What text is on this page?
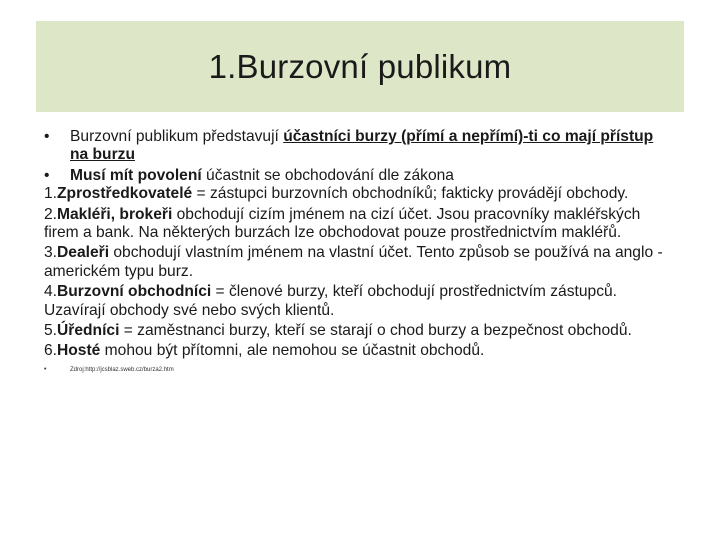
1.Burzovní publikum
• Burzovní publikum představují účastníci burzy (přímí a nepřímí)-ti co mají přístup na burzu
• Musí mít povolení účastnit se obchodování dle zákona

1.Zprostředkovatelé = zástupci burzovních obchodníků; fakticky provádějí obchody.

2.Makléři, brokeři obchodují cizím jménem na cizí účet. Jsou pracovníky makléřských firem a bank. Na některých burzách lze obchodovat pouze prostřednictvím makléřů.

3.Dealeři obchodují vlastním jménem na vlastní účet. Tento způsob se používá na anglo - americkém typu burz.

4.Burzovní obchodníci = členové burzy, kteří obchodují prostřednictvím zástupců. Uzavírají obchody své nebo svých klientů.

5.Úředníci = zaměstnanci burzy, kteří se starají o chod burzy a bezpečnost obchodů.

6.Hosté mohou být přítomni, ale nemohou se účastnit obchodů.

•	Zdroj:http://jcsblaz.sweb.cz/burza2.htm
